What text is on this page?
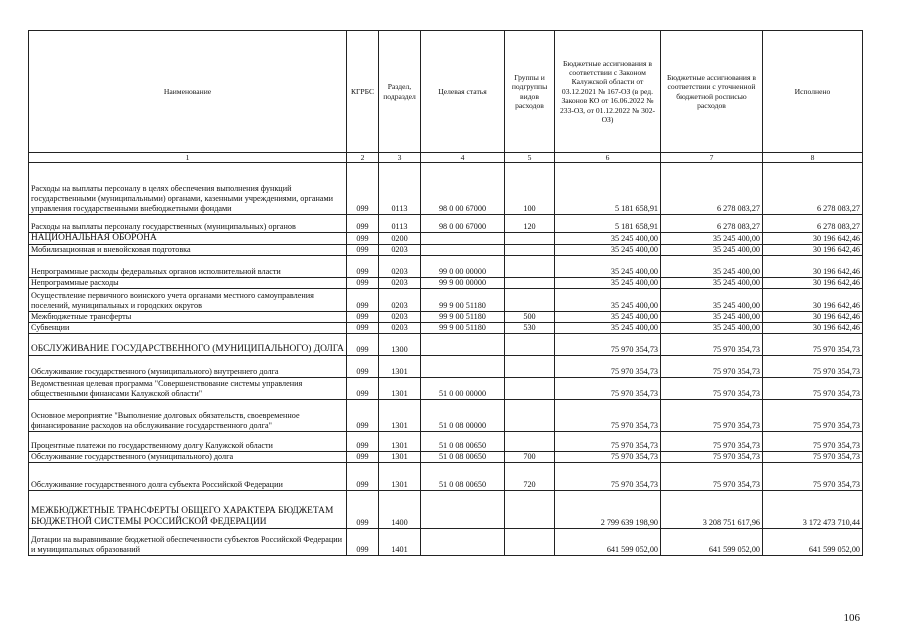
Наименование	КГРБС	Раздел, подраздел	Целевая статья	Группы и подгруппы видов расходов	Бюджетные ассигнования в соответствии с Законом Калужской области от 03.12.2021 № 167-ОЗ (в ред. Законов КО от 16.06.2022 № 233-ОЗ, от 01.12.2022 № 302-ОЗ)	Бюджетные ассигнования в соответствии с уточненной бюджетной росписью расходов	Исполнено
1	2	3	4	5	6	7	8
Расходы на выплаты персоналу в целях обеспечения выполнения функций государственными (муниципальными) органами, казенными учреждениями, органами управления государственными внебюджетными фондами	099	0113	98 0 00 67000	100	5 181 658,91	6 278 083,27	6 278 083,27
Расходы на выплаты персоналу государственных (муниципальных) органов	099	0113	98 0 00 67000	120	5 181 658,91	6 278 083,27	6 278 083,27
НАЦИОНАЛЬНАЯ ОБОРОНА	099	0200			35 245 400,00	35 245 400,00	30 196 642,46
Мобилизационная и вневойсковая подготовка	099	0203			35 245 400,00	35 245 400,00	30 196 642,46
Непрограммные расходы федеральных органов исполнительной власти	099	0203	99 0 00 00000		35 245 400,00	35 245 400,00	30 196 642,46
Непрограммные расходы	099	0203	99 9 00 00000		35 245 400,00	35 245 400,00	30 196 642,46
Осуществление первичного воинского учета органами местного самоуправления поселений, муниципальных и городских округов	099	0203	99 9 00 51180		35 245 400,00	35 245 400,00	30 196 642,46
Межбюджетные трансферты	099	0203	99 9 00 51180	500	35 245 400,00	35 245 400,00	30 196 642,46
Субвенции	099	0203	99 9 00 51180	530	35 245 400,00	35 245 400,00	30 196 642,46
ОБСЛУЖИВАНИЕ ГОСУДАРСТВЕННОГО (МУНИЦИПАЛЬНОГО) ДОЛГА	099	1300			75 970 354,73	75 970 354,73	75 970 354,73
Обслуживание государственного (муниципального) внутреннего долга	099	1301			75 970 354,73	75 970 354,73	75 970 354,73
Ведомственная целевая программа "Совершенствование системы управления общественными финансами Калужской области"	099	1301	51 0 00 00000		75 970 354,73	75 970 354,73	75 970 354,73
Основное мероприятие "Выполнение долговых обязательств, своевременное финансирование расходов на обслуживание государственного долга"	099	1301	51 0 08 00000		75 970 354,73	75 970 354,73	75 970 354,73
Процентные платежи по государственному долгу Калужской области	099	1301	51 0 08 00650		75 970 354,73	75 970 354,73	75 970 354,73
Обслуживание государственного (муниципального) долга	099	1301	51 0 08 00650	700	75 970 354,73	75 970 354,73	75 970 354,73
Обслуживание государственного долга субъекта Российской Федерации	099	1301	51 0 08 00650	720	75 970 354,73	75 970 354,73	75 970 354,73
МЕЖБЮДЖЕТНЫЕ ТРАНСФЕРТЫ ОБЩЕГО ХАРАКТЕРА БЮДЖЕТАМ БЮДЖЕТНОЙ СИСТЕМЫ РОССИЙСКОЙ ФЕДЕРАЦИИ	099	1400			2 799 639 198,90	3 208 751 617,96	3 172 473 710,44
Дотации на выравнивание бюджетной обеспеченности субъектов Российской Федерации и муниципальных образований	099	1401			641 599 052,00	641 599 052,00	641 599 052,00
106
